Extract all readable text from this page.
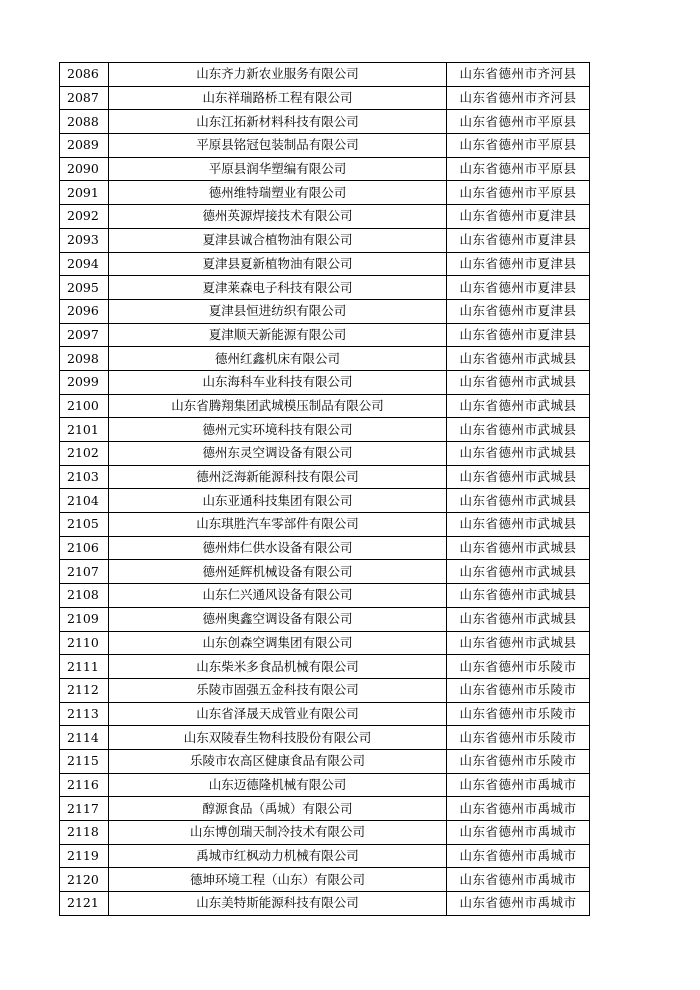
2086	山东齐力新农业服务有限公司	山东省德州市齐河县
2087	山东祥瑞路桥工程有限公司	山东省德州市齐河县
2088	山东江拓新材料科技有限公司	山东省德州市平原县
2089	平原县铭冠包装制品有限公司	山东省德州市平原县
2090	平原县润华塑编有限公司	山东省德州市平原县
2091	德州维特瑞塑业有限公司	山东省德州市平原县
2092	德州英源焊接技术有限公司	山东省德州市夏津县
2093	夏津县诚合植物油有限公司	山东省德州市夏津县
2094	夏津县夏新植物油有限公司	山东省德州市夏津县
2095	夏津莱森电子科技有限公司	山东省德州市夏津县
2096	夏津县恒进纺织有限公司	山东省德州市夏津县
2097	夏津顺天新能源有限公司	山东省德州市夏津县
2098	德州红鑫机床有限公司	山东省德州市武城县
2099	山东海科车业科技有限公司	山东省德州市武城县
2100	山东省腾翔集团武城模压制品有限公司	山东省德州市武城县
2101	德州元实环境科技有限公司	山东省德州市武城县
2102	德州东灵空调设备有限公司	山东省德州市武城县
2103	德州泛海新能源科技有限公司	山东省德州市武城县
2104	山东亚通科技集团有限公司	山东省德州市武城县
2105	山东琪胜汽车零部件有限公司	山东省德州市武城县
2106	德州炜仁供水设备有限公司	山东省德州市武城县
2107	德州延辉机械设备有限公司	山东省德州市武城县
2108	山东仁兴通风设备有限公司	山东省德州市武城县
2109	德州奥鑫空调设备有限公司	山东省德州市武城县
2110	山东创森空调集团有限公司	山东省德州市武城县
2111	山东柴米多食品机械有限公司	山东省德州市乐陵市
2112	乐陵市固强五金科技有限公司	山东省德州市乐陵市
2113	山东省泽晟天成管业有限公司	山东省德州市乐陵市
2114	山东双陵春生物科技股份有限公司	山东省德州市乐陵市
2115	乐陵市农高区健康食品有限公司	山东省德州市乐陵市
2116	山东迈德隆机械有限公司	山东省德州市禹城市
2117	醇源食品（禹城）有限公司	山东省德州市禹城市
2118	山东博创瑞天制冷技术有限公司	山东省德州市禹城市
2119	禹城市红枫动力机械有限公司	山东省德州市禹城市
2120	德坤环境工程（山东）有限公司	山东省德州市禹城市
2121	山东美特斯能源科技有限公司	山东省德州市禹城市
